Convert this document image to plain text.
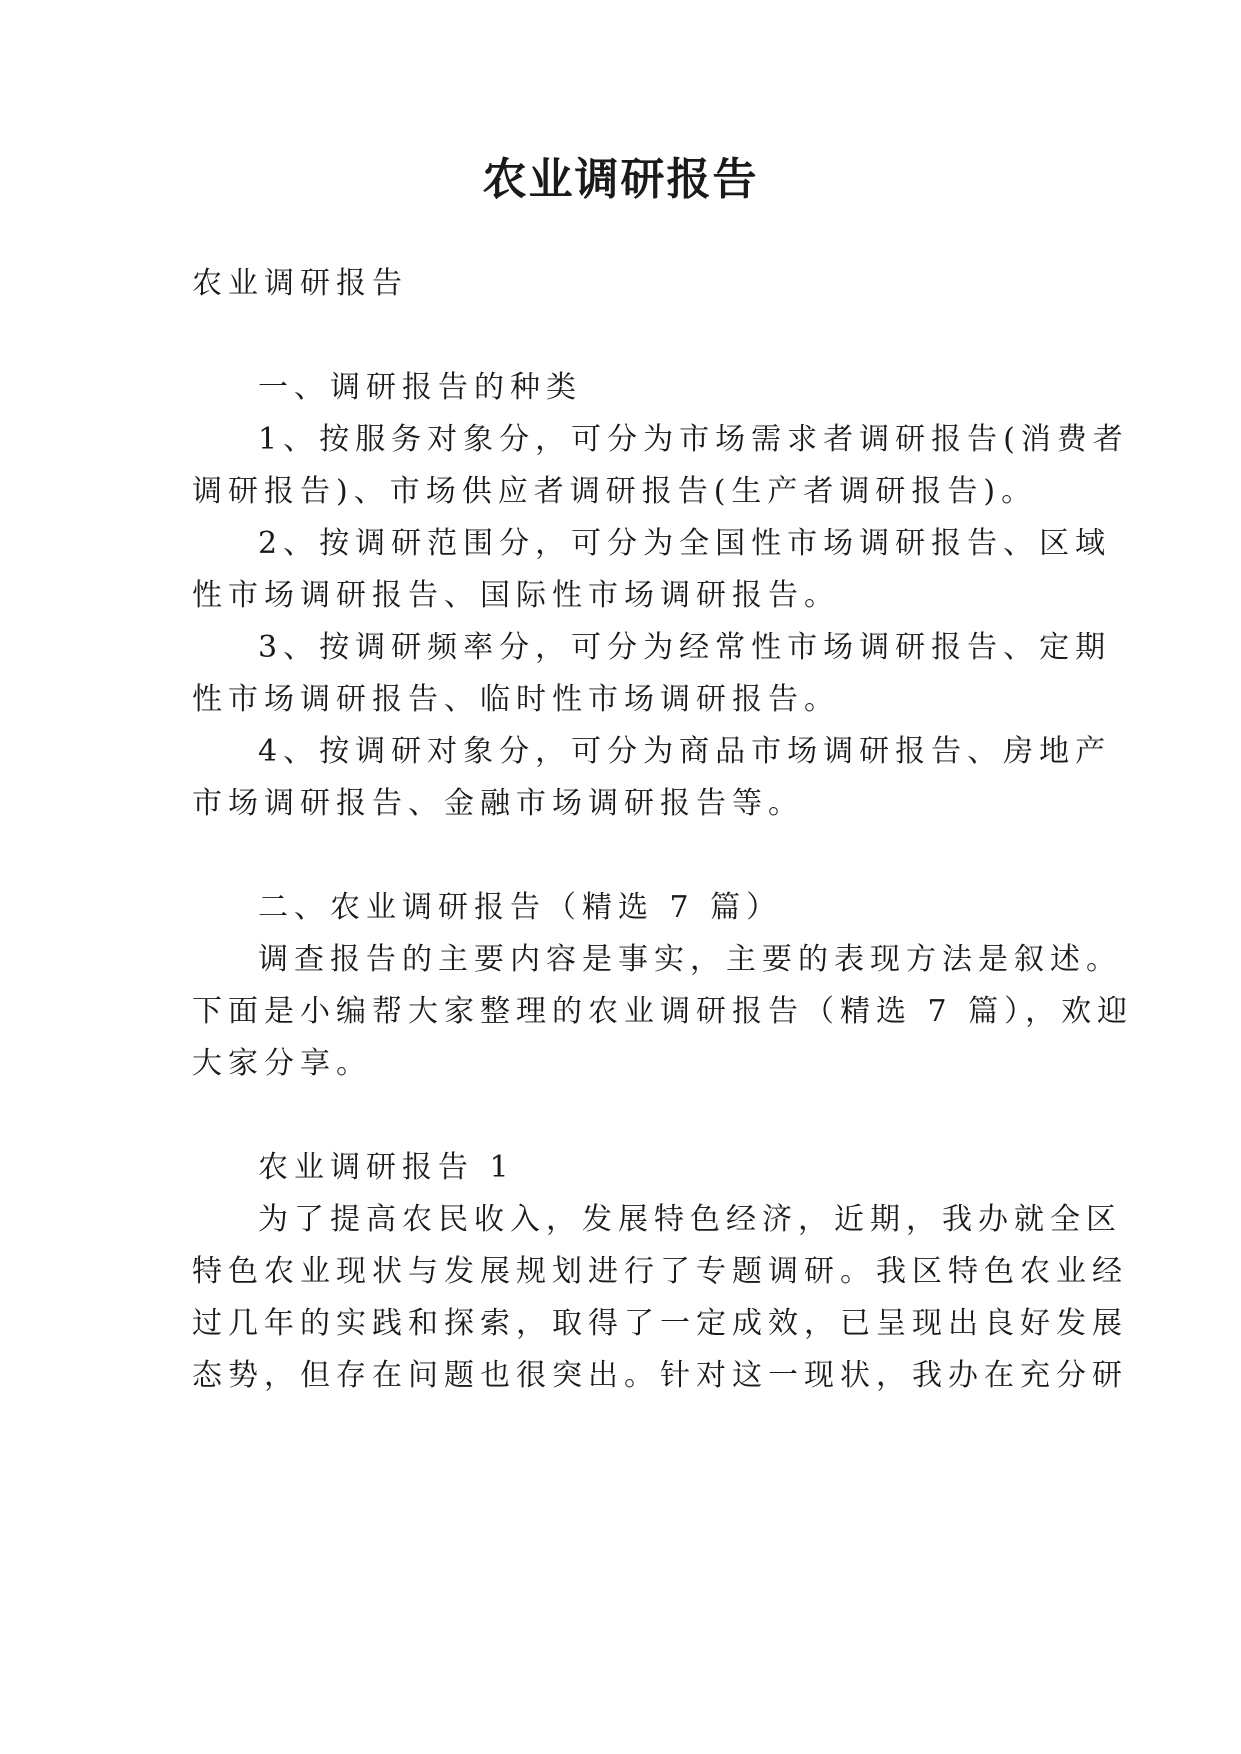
农业调研报告
农业调研报告
一、调研报告的种类
1、按服务对象分，可分为市场需求者调研报告(消费者
调研报告)、市场供应者调研报告(生产者调研报告)。
2、按调研范围分，可分为全国性市场调研报告、区域
性市场调研报告、国际性市场调研报告。
3、按调研频率分，可分为经常性市场调研报告、定期
性市场调研报告、临时性市场调研报告。
4、按调研对象分，可分为商品市场调研报告、房地产
市场调研报告、金融市场调研报告等。
二、农业调研报告（精选 7 篇）
调查报告的主要内容是事实，主要的表现方法是叙述。
下面是小编帮大家整理的农业调研报告（精选 7 篇），欢迎
大家分享。
农业调研报告 1
为了提高农民收入，发展特色经济，近期，我办就全区
特色农业现状与发展规划进行了专题调研。我区特色农业经
过几年的实践和探索，取得了一定成效，已呈现出良好发展
态势，但存在问题也很突出。针对这一现状，我办在充分研
